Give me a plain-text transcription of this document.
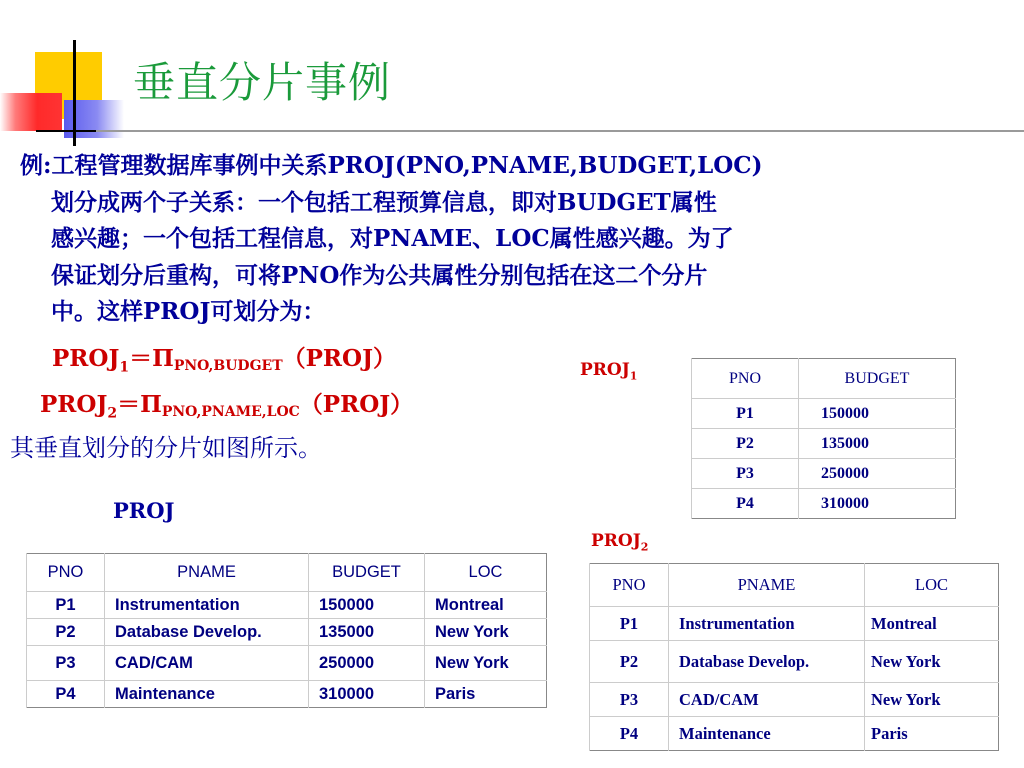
垂直分片事例
例:工程管理数据库事例中关系PROJ(PNO,PNAME,BUDGET,LOC)
划分成两个子关系：一个包括工程预算信息，即对BUDGET属性
感兴趣；一个包括工程信息，对PNAME、LOC属性感兴趣。为了
保证划分后重构，可将PNO作为公共属性分别包括在这二个分片
中。这样PROJ可划分为：
$PROJ_1=\Pi PNO,BUDGET(PROJ)$
$PROJ_2=\Pi PNO,PNAME,LOC(PROJ)$
其垂直划分的分片如图所示。
PROJ
$PROJ_1$
$PROJ_2$
PNO	PNAME	BUDGET	LOC
P1	Instrumentation	150000	Montreal
P2	Database Develop.	135000	New York
P3	CAD/CAM	250000	New York
P4	Maintenance	310000	Paris
PNO	BUDGET
P1	150000
P2	135000
P3	250000
P4	310000
PNO	PNAME	LOC
P1	Instrumentation	Montreal
P2	Database Develop.	New York
P3	CAD/CAM	New York
P4	Maintenance	Paris
